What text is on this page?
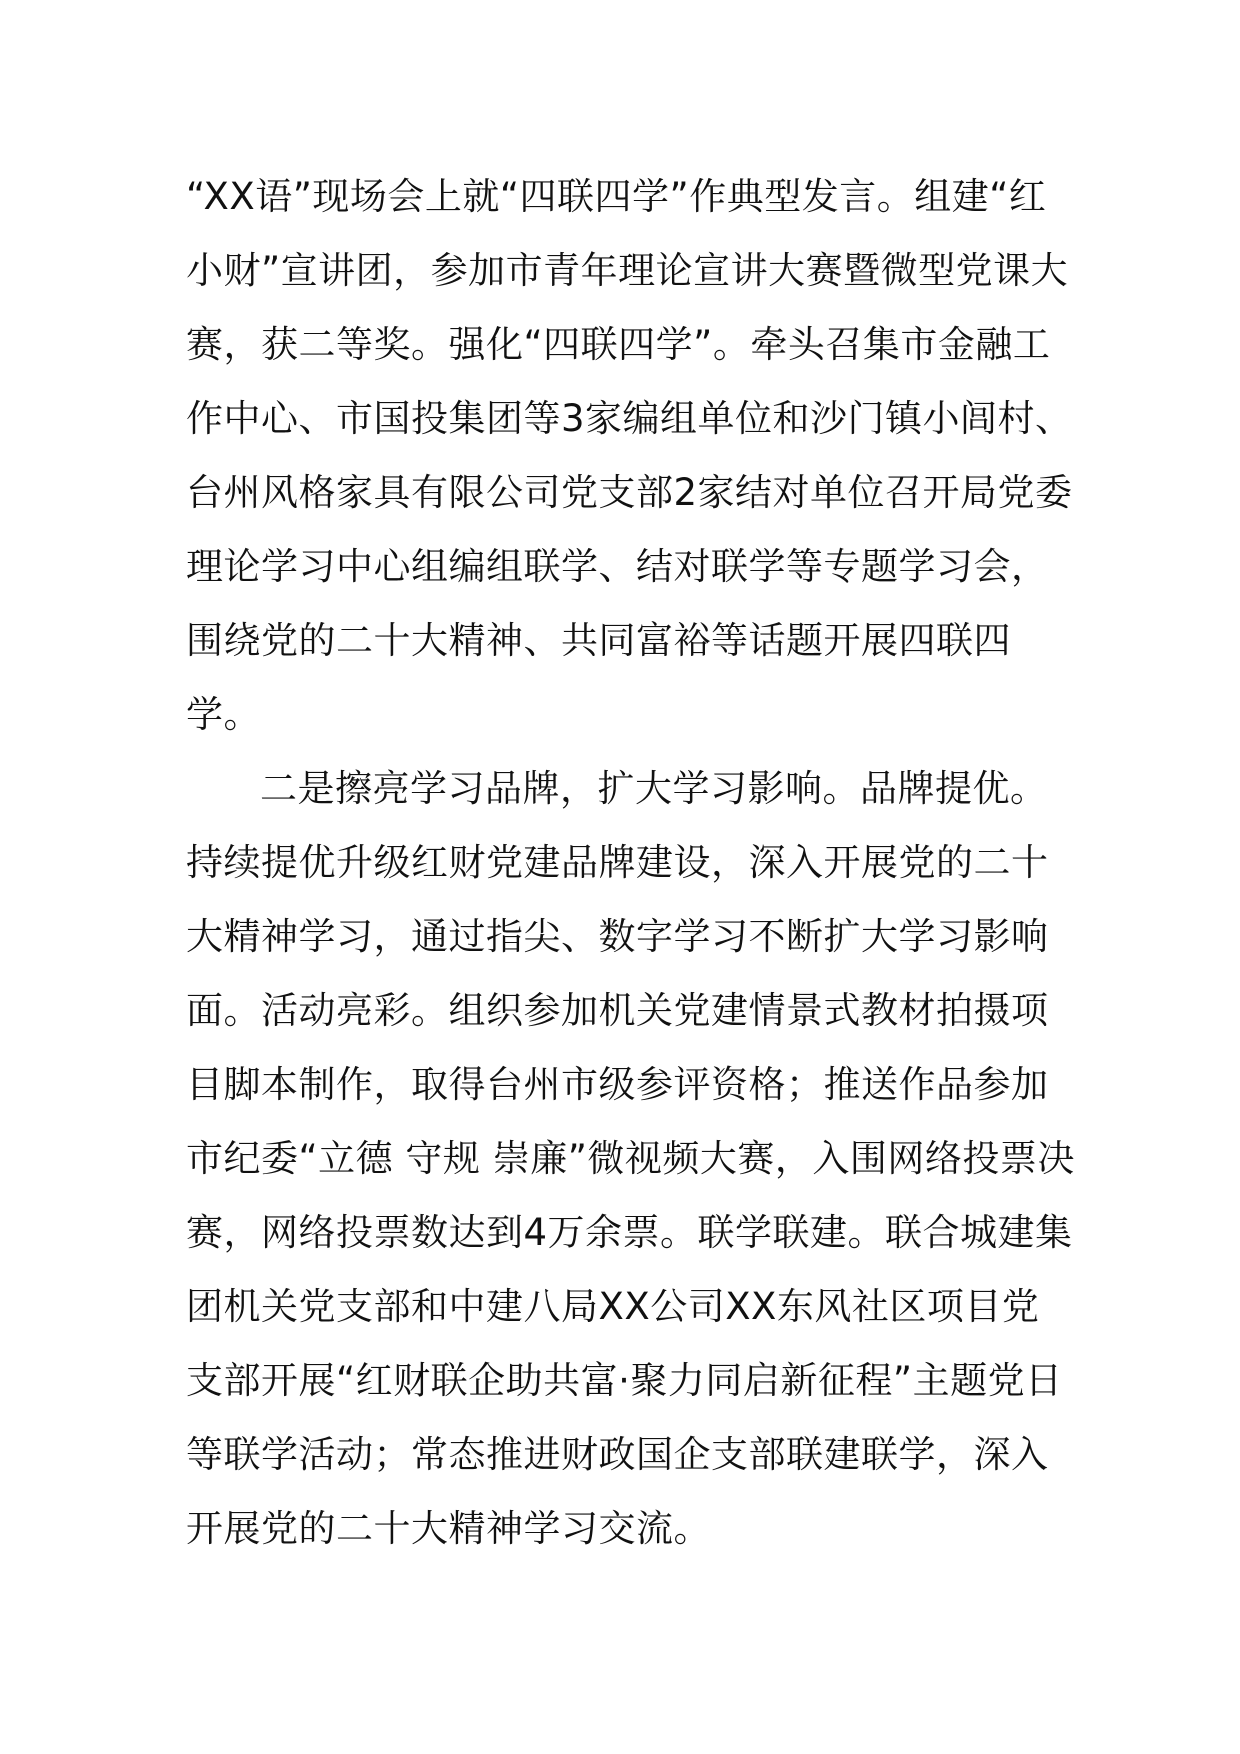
“XX语”现场会上就“四联四学”作典型发言。组建“红小财”宣讲团，参加市青年理论宣讲大赛暨微型党课大赛，获二等奖。强化“四联四学”。牵头召集市金融工作中心、市国投集团等3家编组单位和沙门镇小闾村、台州风格家具有限公司党支部2家结对单位召开局党委理论学习中心组编组联学、结对联学等专题学习会，围绕党的二十大精神、共同富裕等话题开展四联四学。

二是擦亮学习品牌，扩大学习影响。品牌提优。持续提优升级红财党建品牌建设，深入开展党的二十大精神学习，通过指尖、数字学习不断扩大学习影响面。活动亮彩。组织参加机关党建情景式教材拍摄项目脚本制作，取得台州市级参评资格；推送作品参加市纪委“立德 守规 崇廉”微视频大赛，入围网络投票决赛，网络投票数达到4万余票。联学联建。联合城建集团机关党支部和中建八局XX公司XX东风社区项目党支部开展“红财联企助共富·聚力同启新征程”主题党日等联学活动；常态推进财政国企支部联建联学，深入开展党的二十大精神学习交流。
